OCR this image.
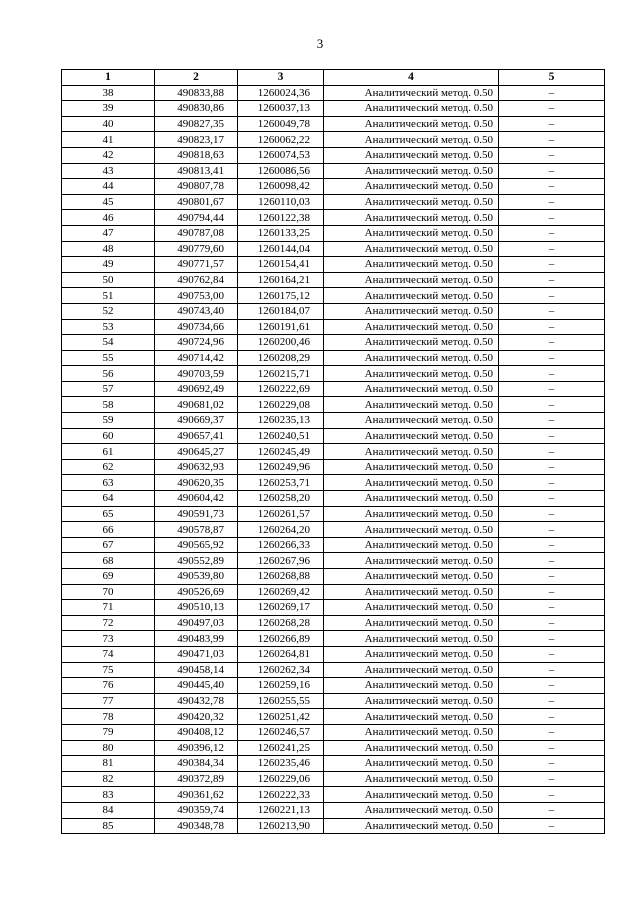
3
1	2	3	4	5
38	490833,88	1260024,36	Аналитический метод. 0.50	–
39	490830,86	1260037,13	Аналитический метод. 0.50	–
40	490827,35	1260049,78	Аналитический метод. 0.50	–
41	490823,17	1260062,22	Аналитический метод. 0.50	–
42	490818,63	1260074,53	Аналитический метод. 0.50	–
43	490813,41	1260086,56	Аналитический метод. 0.50	–
44	490807,78	1260098,42	Аналитический метод. 0.50	–
45	490801,67	1260110,03	Аналитический метод. 0.50	–
46	490794,44	1260122,38	Аналитический метод. 0.50	–
47	490787,08	1260133,25	Аналитический метод. 0.50	–
48	490779,60	1260144,04	Аналитический метод. 0.50	–
49	490771,57	1260154,41	Аналитический метод. 0.50	–
50	490762,84	1260164,21	Аналитический метод. 0.50	–
51	490753,00	1260175,12	Аналитический метод. 0.50	–
52	490743,40	1260184,07	Аналитический метод. 0.50	–
53	490734,66	1260191,61	Аналитический метод. 0.50	–
54	490724,96	1260200,46	Аналитический метод. 0.50	–
55	490714,42	1260208,29	Аналитический метод. 0.50	–
56	490703,59	1260215,71	Аналитический метод. 0.50	–
57	490692,49	1260222,69	Аналитический метод. 0.50	–
58	490681,02	1260229,08	Аналитический метод. 0.50	–
59	490669,37	1260235,13	Аналитический метод. 0.50	–
60	490657,41	1260240,51	Аналитический метод. 0.50	–
61	490645,27	1260245,49	Аналитический метод. 0.50	–
62	490632,93	1260249,96	Аналитический метод. 0.50	–
63	490620,35	1260253,71	Аналитический метод. 0.50	–
64	490604,42	1260258,20	Аналитический метод. 0.50	–
65	490591,73	1260261,57	Аналитический метод. 0.50	–
66	490578,87	1260264,20	Аналитический метод. 0.50	–
67	490565,92	1260266,33	Аналитический метод. 0.50	–
68	490552,89	1260267,96	Аналитический метод. 0.50	–
69	490539,80	1260268,88	Аналитический метод. 0.50	–
70	490526,69	1260269,42	Аналитический метод. 0.50	–
71	490510,13	1260269,17	Аналитический метод. 0.50	–
72	490497,03	1260268,28	Аналитический метод. 0.50	–
73	490483,99	1260266,89	Аналитический метод. 0.50	–
74	490471,03	1260264,81	Аналитический метод. 0.50	–
75	490458,14	1260262,34	Аналитический метод. 0.50	–
76	490445,40	1260259,16	Аналитический метод. 0.50	–
77	490432,78	1260255,55	Аналитический метод. 0.50	–
78	490420,32	1260251,42	Аналитический метод. 0.50	–
79	490408,12	1260246,57	Аналитический метод. 0.50	–
80	490396,12	1260241,25	Аналитический метод. 0.50	–
81	490384,34	1260235,46	Аналитический метод. 0.50	–
82	490372,89	1260229,06	Аналитический метод. 0.50	–
83	490361,62	1260222,33	Аналитический метод. 0.50	–
84	490359,74	1260221,13	Аналитический метод. 0.50	–
85	490348,78	1260213,90	Аналитический метод. 0.50	–
